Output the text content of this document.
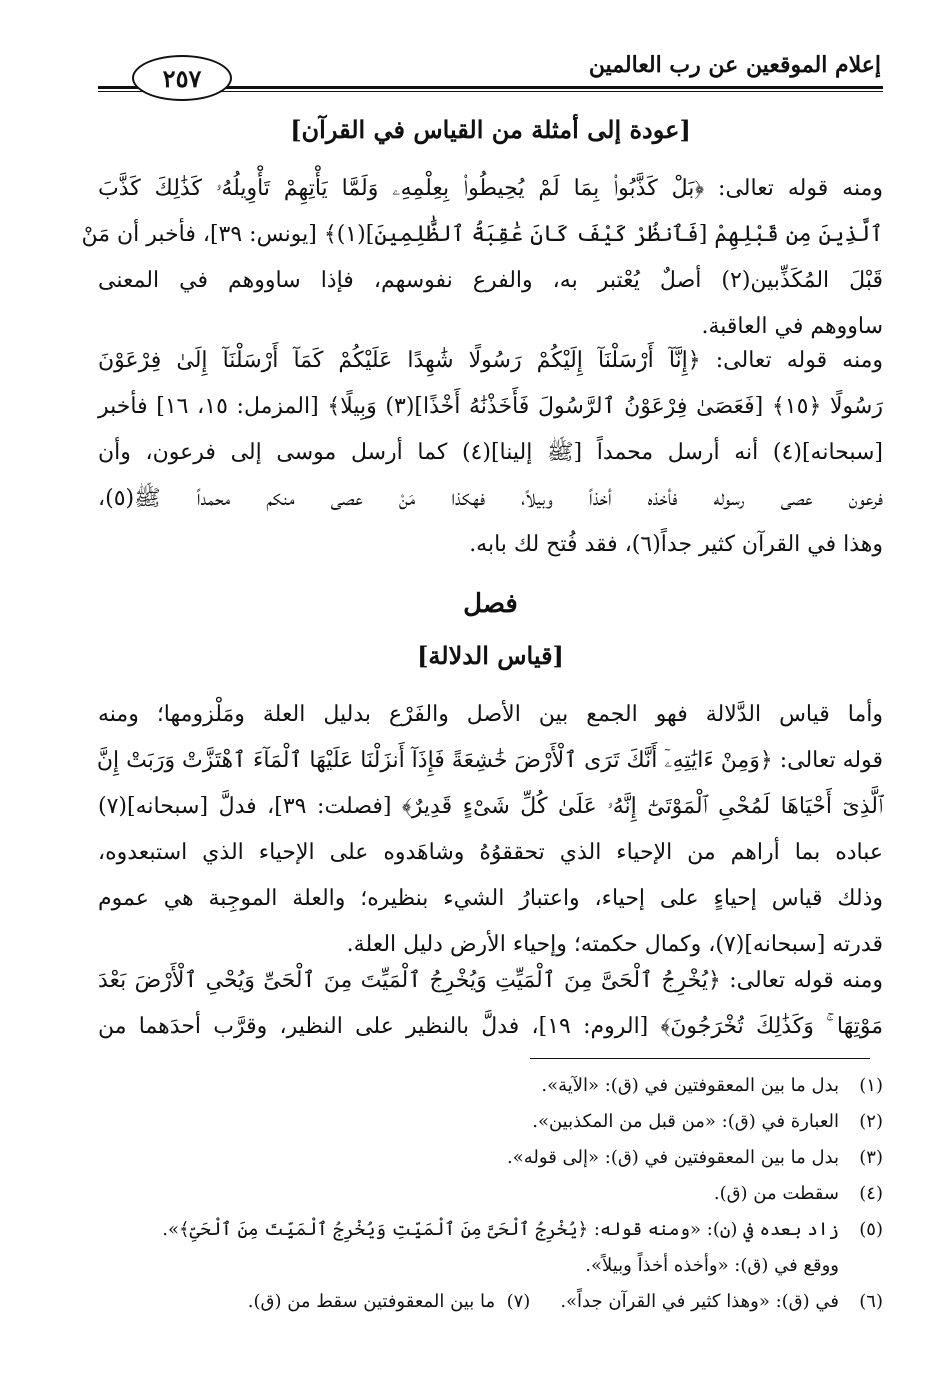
إعلام الموقعين عن رب العالمين
٢٥٧
[عودة إلى أمثلة من القياس في القرآن]
ومنه قوله تعالى: ﴿بَلْ كَذَّبُوا۟ بِمَا لَمْ يُحِيطُوا۟ بِعِلْمِهِۦ وَلَمَّا يَأْتِهِمْ تَأْوِيلُهُۥ كَذَٰلِكَ كَذَّبَ
ٱلَّذِينَ مِن قَبْلِهِمْ [فَٱنظُرْ كَيْفَ كَانَ عَٰقِبَةُ ٱلظَّٰلِمِينَ](١)﴾ [يونس: ٣٩]، فأخبر أن مَنْ
قَبْلَ المُكَذِّبين(٢) أصلٌ يُعْتبر به، والفرع نفوسهم، فإذا ساووهم في المعنى
ساووهم في العاقبة.
ومنه قوله تعالى: ﴿إِنَّآ أَرْسَلْنَآ إِلَيْكُمْ رَسُولًا شَٰهِدًا عَلَيْكُمْ كَمَآ أَرْسَلْنَآ إِلَىٰ فِرْعَوْنَ
رَسُولًا ﴿١٥﴾ [فَعَصَىٰ فِرْعَوْنُ ٱلرَّسُولَ فَأَخَذْنَٰهُ أَخْذًا](٣) وَبِيلًا﴾ [المزمل: ١٥، ١٦] فأخبر
[سبحانه](٤) أنه أرسل محمداً [ﷺ إلينا](٤) كما أرسل موسى إلى فرعون، وأن
فرعون عصى رسوله فأخذه أخذاً وبيلاً، فهكذا مَنْ عصى منكم محمداً ﷺ(٥)،
وهذا في القرآن كثير جداً(٦)، فقد فُتح لك بابه.
فصل
[قياس الدلالة]
وأما قياس الدَّلالة فهو الجمع بين الأصل والفَرْع بدليل العلة ومَلْزومها؛ ومنه
قوله تعالى: ﴿وَمِنْ ءَايَٰتِهِۦٓ أَنَّكَ تَرَى ٱلْأَرْضَ خَٰشِعَةً فَإِذَآ أَنزَلْنَا عَلَيْهَا ٱلْمَآءَ ٱهْتَزَّتْ وَرَبَتْ إِنَّ
ٱلَّذِىٓ أَحْيَاهَا لَمُحْىِ ٱلْمَوْتَىٰٓ إِنَّهُۥ عَلَىٰ كُلِّ شَىْءٍ قَدِيرٌ﴾ [فصلت: ٣٩]، فدلَّ [سبحانه](٧)
عباده بما أراهم من الإحياء الذي تحققوُهُ وشاهَدوه على الإحياء الذي استبعدوه،
وذلك قياس إحياءٍ على إحياء، واعتبارُ الشيء بنظيره؛ والعلة الموجِبة هي عموم
قدرته [سبحانه](٧)، وكمال حكمته؛ وإحياء الأرض دليل العلة.
ومنه قوله تعالى: ﴿يُخْرِجُ ٱلْحَىَّ مِنَ ٱلْمَيِّتِ وَيُخْرِجُ ٱلْمَيِّتَ مِنَ ٱلْحَىِّ وَيُحْىِ ٱلْأَرْضَ بَعْدَ
مَوْتِهَا ۚ وَكَذَٰلِكَ تُخْرَجُونَ﴾ [الروم: ١٩]، فدلَّ بالنظير على النظير، وقرَّب أحدَهما من
(١)بدل ما بين المعقوفتين في (ق): «الآية».
(٢)العبارة في (ق): «من قبل من المكذبين».
(٣)بدل ما بين المعقوفتين في (ق): «إلى قوله».
(٤)سقطت من (ق).
(٥)زاد بعده في (ن): «ومنه قوله: ﴿يُخْرِجُ ٱلْحَىَّ مِنَ ٱلْمَيِّتِ وَيُخْرِجُ ٱلْمَيِّتَ مِنَ ٱلْحَىِّ﴾».
ووقع في (ق): «وأخذه أخذاً وبيلاً».
(٦)في (ق): «وهذا كثير في القرآن جداً».(٧)  ما بين المعقوفتين سقط من (ق).
